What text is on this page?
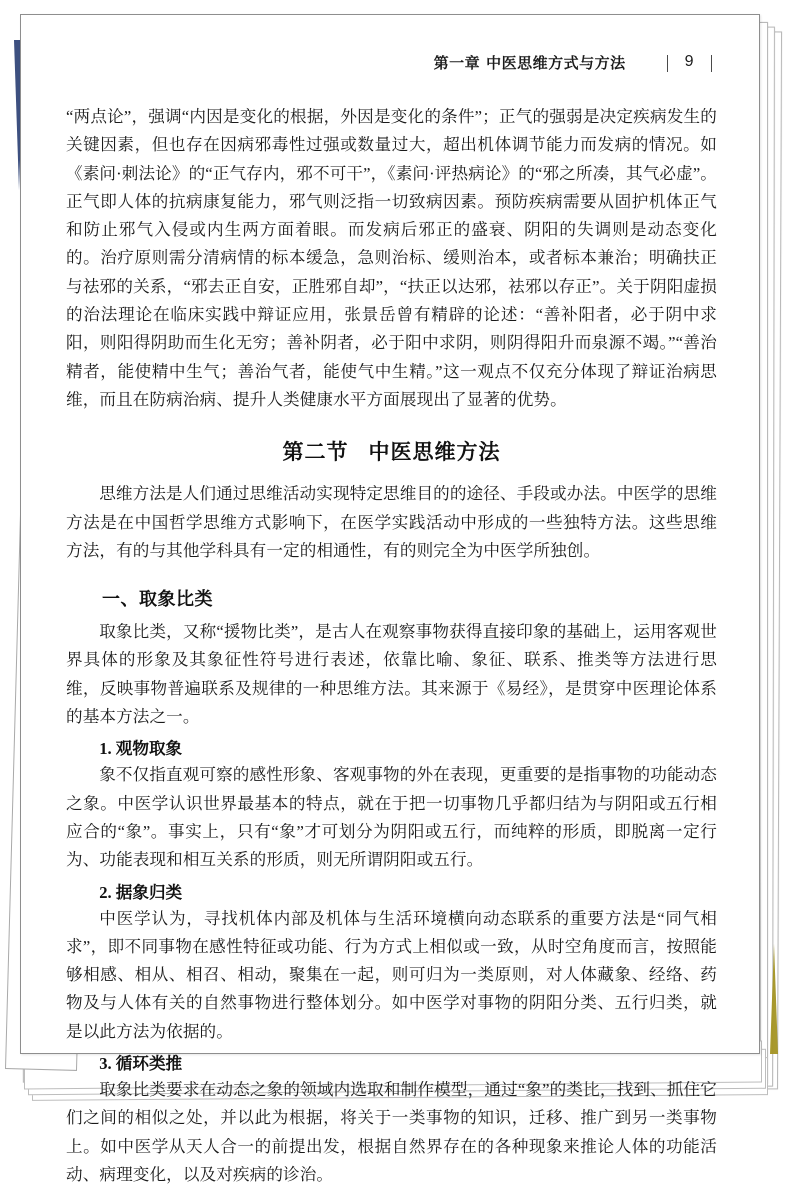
第一章 中医思维方式与方法	9

“两点论”，强调“内因是变化的根据，外因是变化的条件”；正气的强弱是决定疾病发生的关键因素，但也存在因病邪毒性过强或数量过大，超出机体调节能力而发病的情况。如《素问·刺法论》的“正气存内，邪不可干”，《素问·评热病论》的“邪之所凑，其气必虚”。正气即人体的抗病康复能力，邪气则泛指一切致病因素。预防疾病需要从固护机体正气和防止邪气入侵或内生两方面着眼。而发病后邪正的盛衰、阴阳的失调则是动态变化的。治疗原则需分清病情的标本缓急，急则治标、缓则治本，或者标本兼治；明确扶正与祛邪的关系，“邪去正自安，正胜邪自却”，“扶正以达邪，祛邪以存正”。关于阴阳虚损的治法理论在临床实践中辩证应用，张景岳曾有精辟的论述：“善补阳者，必于阴中求阳，则阳得阴助而生化无穷；善补阴者，必于阳中求阴，则阴得阳升而泉源不竭。”“善治精者，能使精中生气；善治气者，能使气中生精。”这一观点不仅充分体现了辩证治病思维，而且在防病治病、提升人类健康水平方面展现出了显著的优势。

第二节 中医思维方法

思维方法是人们通过思维活动实现特定思维目的的途径、手段或办法。中医学的思维方法是在中国哲学思维方式影响下，在医学实践活动中形成的一些独特方法。这些思维方法，有的与其他学科具有一定的相通性，有的则完全为中医学所独创。

一、取象比类

取象比类，又称“援物比类”，是古人在观察事物获得直接印象的基础上，运用客观世界具体的形象及其象征性符号进行表述，依靠比喻、象征、联系、推类等方法进行思维，反映事物普遍联系及规律的一种思维方法。其来源于《易经》，是贯穿中医理论体系的基本方法之一。

1. 观物取象

象不仅指直观可察的感性形象、客观事物的外在表现，更重要的是指事物的功能动态之象。中医学认识世界最基本的特点，就在于把一切事物几乎都归结为与阴阳或五行相应合的“象”。事实上，只有“象”才可划分为阴阳或五行，而纯粹的形质，即脱离一定行为、功能表现和相互关系的形质，则无所谓阴阳或五行。

2. 据象归类

中医学认为，寻找机体内部及机体与生活环境横向动态联系的重要方法是“同气相求”，即不同事物在感性特征或功能、行为方式上相似或一致，从时空角度而言，按照能够相感、相从、相召、相动，聚集在一起，则可归为一类原则，对人体藏象、经络、药物及与人体有关的自然事物进行整体划分。如中医学对事物的阴阳分类、五行归类，就是以此方法为依据的。

3. 循环类推

取象比类要求在动态之象的领域内选取和制作模型，通过“象”的类比，找到、抓住它们之间的相似之处，并以此为根据，将关于一类事物的知识，迁移、推广到另一类事物上。如中医学从天人合一的前提出发，根据自然界存在的各种现象来推论人体的功能活动、病理变化，以及对疾病的诊治。
